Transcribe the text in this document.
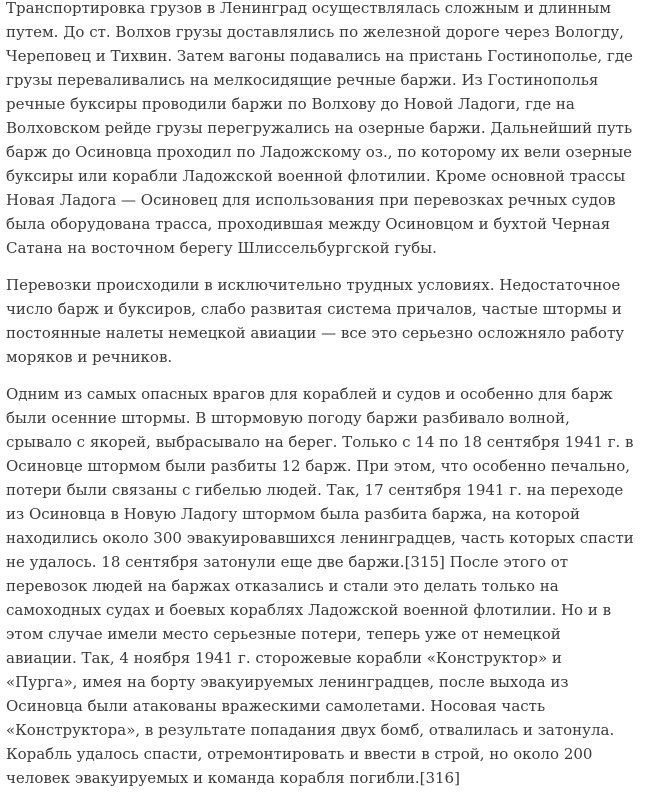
Транспортировка грузов в Ленинград осуществлялась сложным и длинным путем. До ст. Волхов грузы доставлялись по железной дороге через Вологду, Череповец и Тихвин. Затем вагоны подавались на пристань Гостинополье, где грузы переваливались на мелкосидящие речные баржи. Из Гостинополья речные буксиры проводили баржи по Волхову до Новой Ладоги, где на Волховском рейде грузы перегружались на озерные баржи. Дальнейший путь барж до Осиновца проходил по Ладожскому оз., по которому их вели озерные буксиры или корабли Ладожской военной флотилии. Кроме основной трассы Новая Ладога — Осиновец для использования при перевозках речных судов была оборудована трасса, проходившая между Осиновцом и бухтой Черная Сатана на восточном берегу Шлиссельбургской губы.

Перевозки происходили в исключительно трудных условиях. Недостаточное число барж и буксиров, слабо развитая система причалов, частые штормы и постоянные налеты немецкой авиации — все это серьезно осложняло работу моряков и речников.

Одним из самых опасных врагов для кораблей и судов и особенно для барж были осенние штормы. В штормовую погоду баржи разбивало волной, срывало с якорей, выбрасывало на берег. Только с 14 по 18 сентября 1941 г. в Осиновце штормом были разбиты 12 барж. При этом, что особенно печально, потери были связаны с гибелью людей. Так, 17 сентября 1941 г. на переходе из Осиновца в Новую Ладогу штормом была разбита баржа, на которой находились около 300 эвакуировавшихся ленинградцев, часть которых спасти не удалось. 18 сентября затонули еще две баржи.[315] После этого от перевозок людей на баржах отказались и стали это делать только на самоходных судах и боевых кораблях Ладожской военной флотилии. Но и в этом случае имели место серьезные потери, теперь уже от немецкой авиации. Так, 4 ноября 1941 г. сторожевые корабли «Конструктор» и «Пурга», имея на борту эвакуируемых ленинградцев, после выхода из Осиновца были атакованы вражескими самолетами. Носовая часть «Конструктора», в результате попадания двух бомб, отвалилась и затонула. Корабль удалось спасти, отремонтировать и ввести в строй, но около 200 человек эвакуируемых и команда корабля погибли.[316]
